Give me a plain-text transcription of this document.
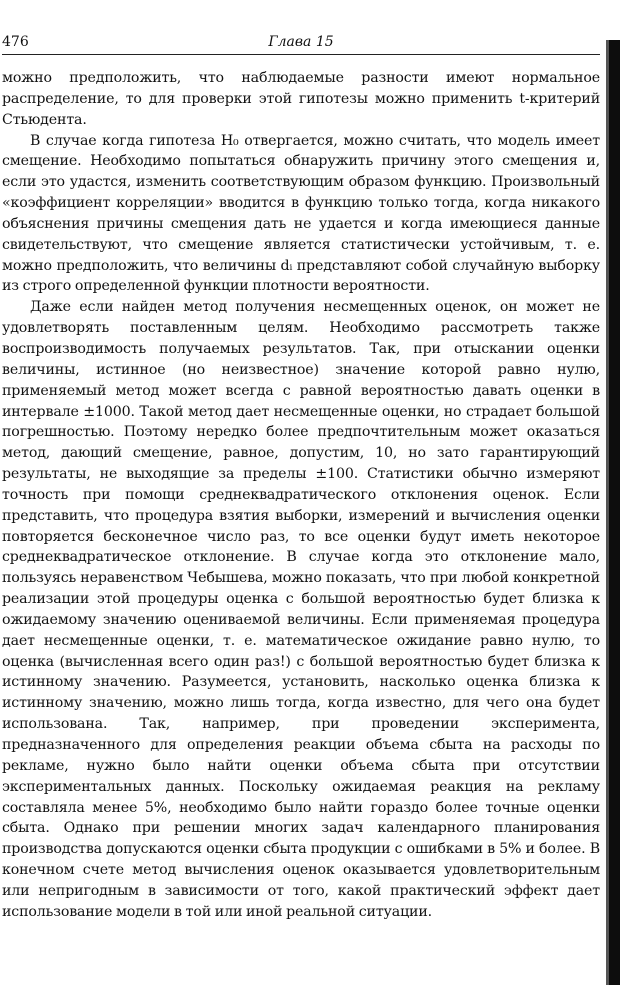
476	Глава 15

можно предположить, что наблюдаемые разности имеют нормальное распределение, то для проверки этой гипотезы можно применить t-критерий Стьюдента.

В случае когда гипотеза H₀ отвергается, можно считать, что модель имеет смещение. Необходимо попытаться обнаружить причину этого смещения и, если это удастся, изменить соответствующим образом функцию. Произвольный «коэффициент корреляции» вводится в функцию только тогда, когда никакого объяснения причины смещения дать не удается и когда имеющиеся данные свидетельствуют, что смещение является статистически устойчивым, т. е. можно предположить, что величины dᵢ представляют собой случайную выборку из строго определенной функции плотности вероятности.

Даже если найден метод получения несмещенных оценок, он может не удовлетворять поставленным целям. Необходимо рассмотреть также воспроизводимость получаемых результатов. Так, при отыскании оценки величины, истинное (но неизвестное) значение которой равно нулю, применяемый метод может всегда с равной вероятностью давать оценки в интервале ±1000. Такой метод дает несмещенные оценки, но страдает большой погрешностью. Поэтому нередко более предпочтительным может оказаться метод, дающий смещение, равное, допустим, 10, но зато гарантирующий результаты, не выходящие за пределы ±100. Статистики обычно измеряют точность при помощи среднеквадратического отклонения оценок. Если представить, что процедура взятия выборки, измерений и вычисления оценки повторяется бесконечное число раз, то все оценки будут иметь некоторое среднеквадратическое отклонение. В случае когда это отклонение мало, пользуясь неравенством Чебышева, можно показать, что при любой конкретной реализации этой процедуры оценка с большой вероятностью будет близка к ожидаемому значению оцениваемой величины. Если применяемая процедура дает несмещенные оценки, т. е. математическое ожидание равно нулю, то оценка (вычисленная всего один раз!) с большой вероятностью будет близка к истинному значению. Разумеется, установить, насколько оценка близка к истинному значению, можно лишь тогда, когда известно, для чего она будет использована. Так, например, при проведении эксперимента, предназначенного для определения реакции объема сбыта на расходы по рекламе, нужно было найти оценки объема сбыта при отсутствии экспериментальных данных. Поскольку ожидаемая реакция на рекламу составляла менее 5%, необходимо было найти гораздо более точные оценки сбыта. Однако при решении многих задач календарного планирования производства допускаются оценки сбыта продукции с ошибками в 5% и более. В конечном счете метод вычисления оценок оказывается удовлетворительным или непригодным в зависимости от того, какой практический эффект дает использование модели в той или иной реальной ситуации.
